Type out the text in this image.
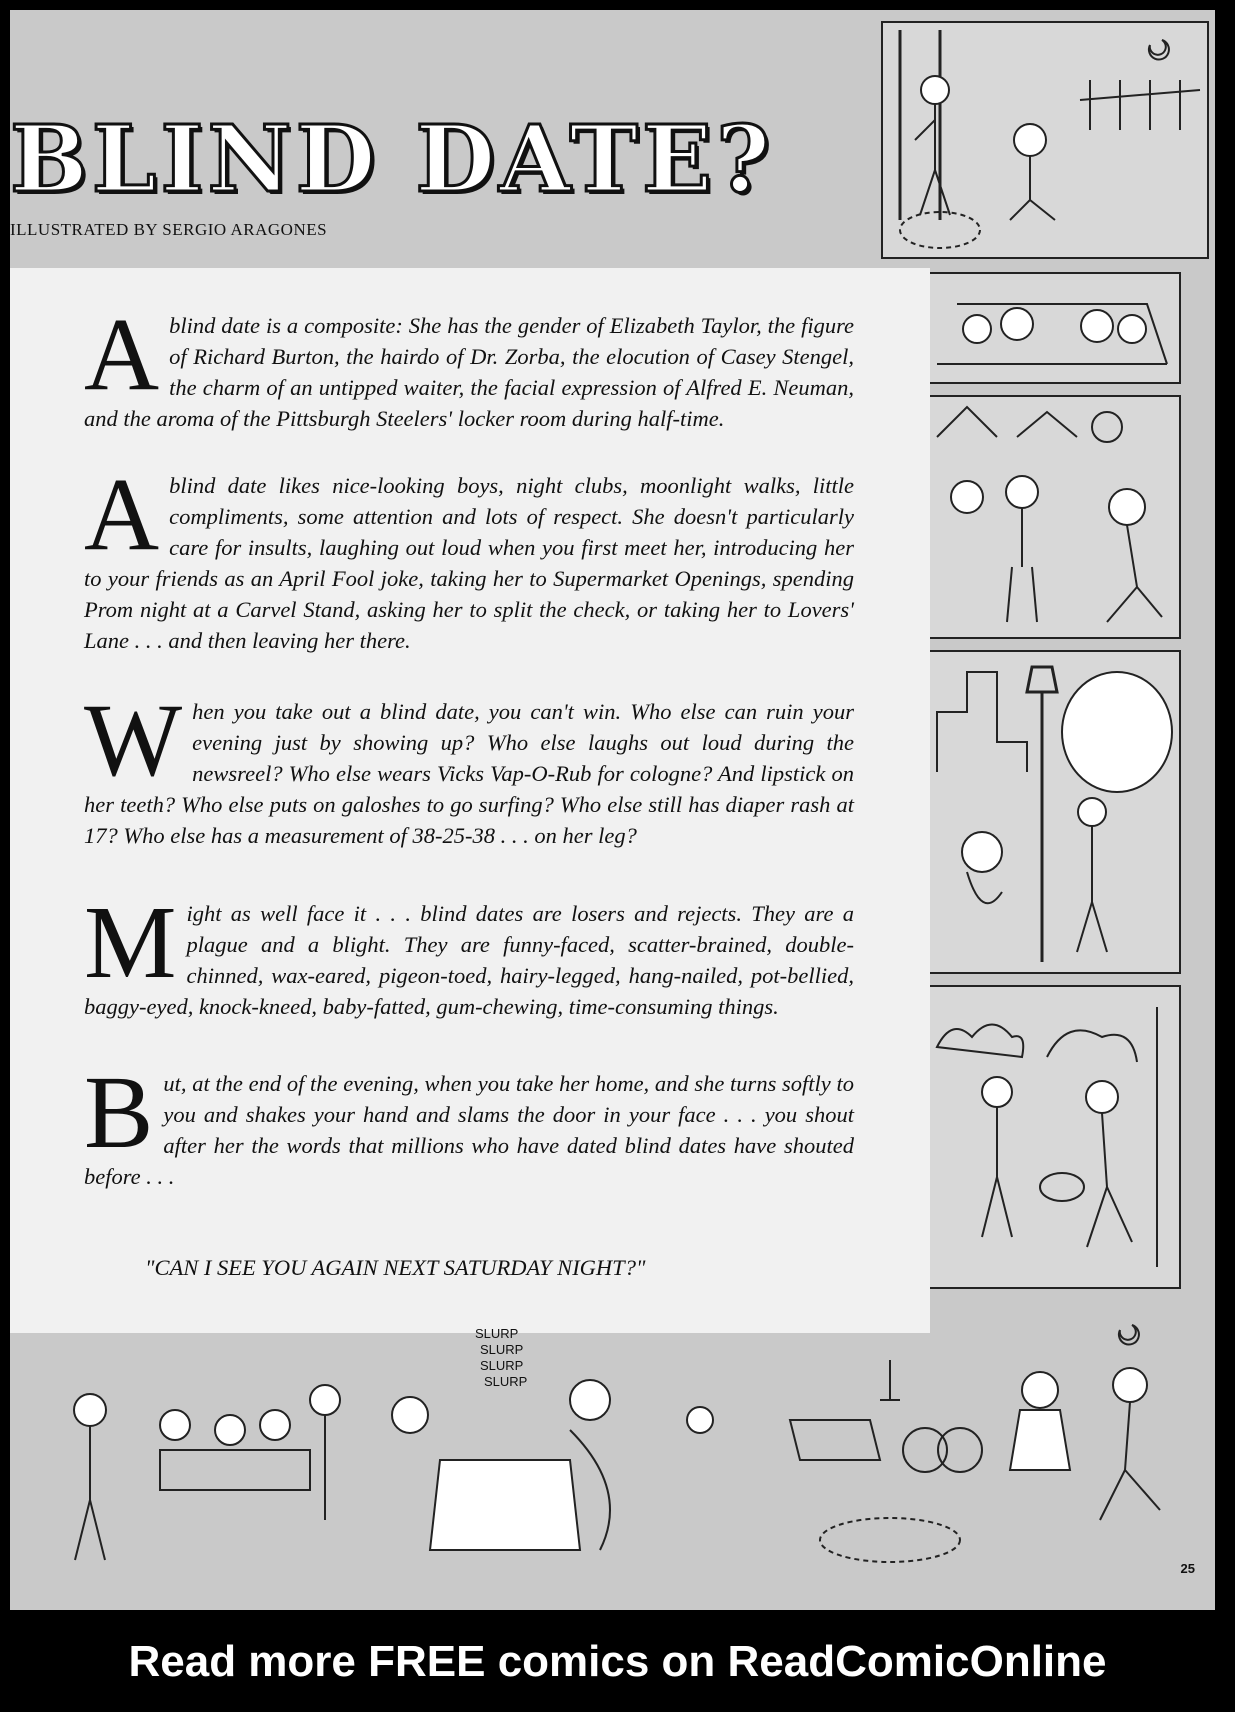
BLIND DATE?

ILLUSTRATED BY SERGIO ARAGONES

Ablind date is a composite: She has the gender of Elizabeth Taylor, the figure of Richard Burton, the hairdo of Dr. Zorba, the elocution of Casey Stengel, the charm of an untipped waiter, the facial expression of Alfred E. Neuman, and the aroma of the Pittsburgh Steelers' locker room during half-time.

Ablind date likes nice-looking boys, night clubs, moonlight walks, little compliments, some attention and lots of respect. She doesn't particularly care for insults, laughing out loud when you first meet her, introducing her to your friends as an April Fool joke, taking her to Supermarket Openings, spending Prom night at a Carvel Stand, asking her to split the check, or taking her to Lovers' Lane . . . and then leaving her there.

When you take out a blind date, you can't win. Who else can ruin your evening just by showing up? Who else laughs out loud during the newsreel? Who else wears Vicks Vap-O-Rub for cologne? And lipstick on her teeth? Who else puts on galoshes to go surfing? Who else still has diaper rash at 17? Who else has a measurement of 38-25-38 . . . on her leg?

Might as well face it . . . blind dates are losers and rejects. They are a plague and a blight. They are funny-faced, scatter-brained, double-chinned, wax-eared, pigeon-toed, hairy-legged, hang-nailed, pot-bellied, baggy-eyed, knock-kneed, baby-fatted, gum-chewing, time-consuming things.

But, at the end of the evening, when you take her home, and she turns softly to you and shakes your hand and slams the door in your face . . . you shout after her the words that millions who have dated blind dates have shouted before . . .

"CAN I SEE YOU AGAIN NEXT SATURDAY NIGHT?"

SLURP
SLURP
SLURP
SLURP

25

Read more FREE comics on ReadComicOnline
